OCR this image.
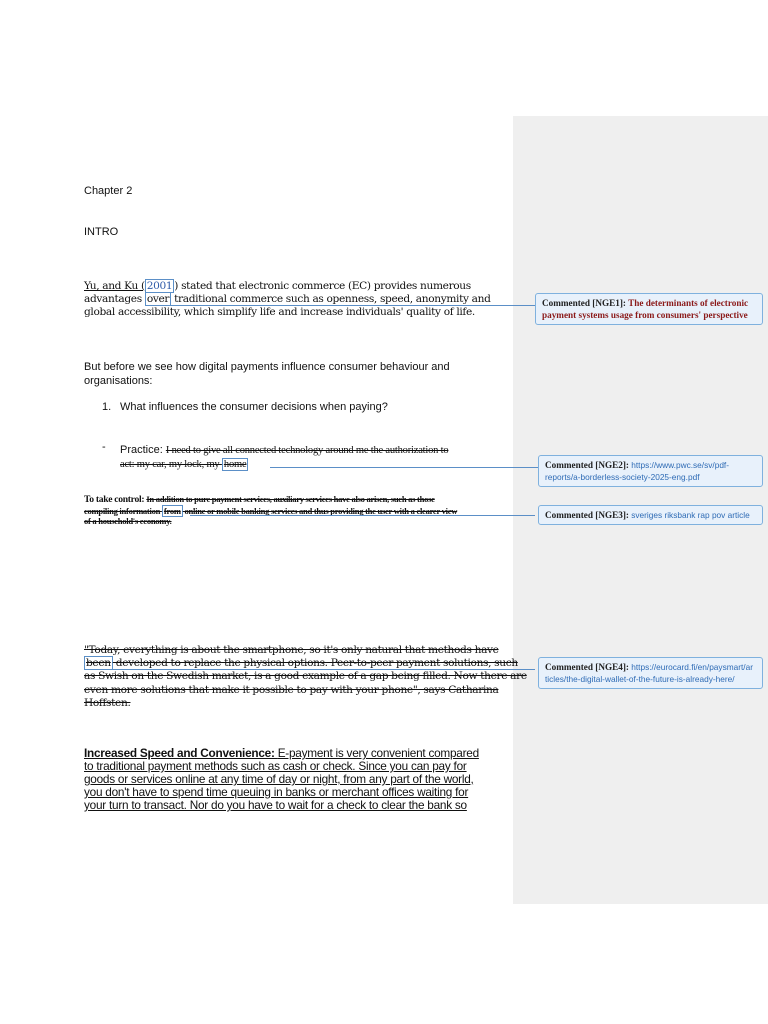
Chapter 2

INTRO

Yu, and Ku ( 2001 ) stated that electronic commerce (EC) provides numerous
advantages over traditional commerce such as openness, speed, anonymity and
global accessibility, which simplify life and increase individuals' quality of life.
But before we see how digital payments influence consumer behaviour and
organisations:

1. What influences the consumer decisions when paying?

- Practice: I need to give all connected technology around me the authorization to
act: my car, my lock, my home
To take control: In addition to pure payment services, auxiliary services have also arisen, such as those
compiling information from online or mobile banking services and thus providing the user with a clearer view
of a household's economy.
"Today, everything is about the smartphone, so it's only natural that methods have
been developed to replace the physical options. Peer-to-peer payment solutions, such
as Swish on the Swedish market, is a good example of a gap being filled. Now there are
even more solutions that make it possible to pay with your phone", says Catharina
Hoffsten.
Increased Speed and Convenience: E-payment is very convenient compared
to traditional payment methods such as cash or check. Since you can pay for
goods or services online at any time of day or night, from any part of the world,
you don't have to spend time queuing in banks or merchant offices waiting for
your turn to transact. Nor do you have to wait for a check to clear the bank so
Commented [NGE1]: The determinants of electronic
payment systems usage from consumers' perspective
Commented [NGE2]: https://www.pwc.se/sv/pdf-
reports/a-borderless-society-2025-eng.pdf
Commented [NGE3]: sveriges riksbank rap pov article
Commented [NGE4]: https://eurocard.fi/en/paysmart/ar
ticles/the-digital-wallet-of-the-future-is-already-here/
